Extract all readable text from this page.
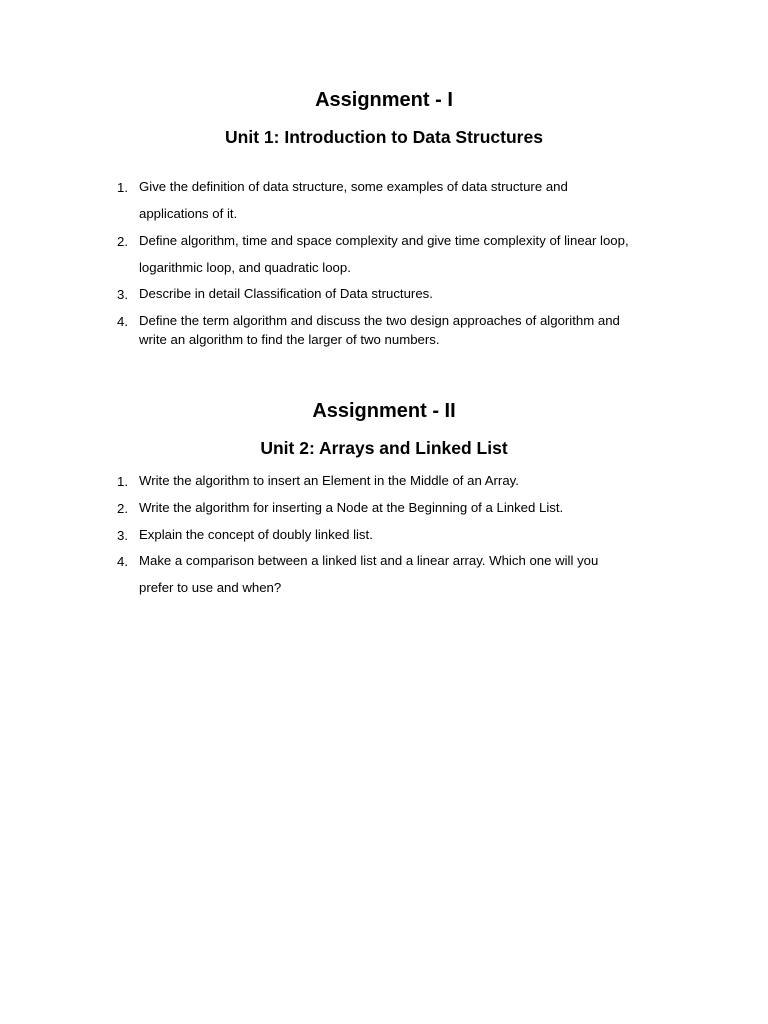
Assignment - I
Unit 1: Introduction to Data Structures
1. Give the definition of data structure, some examples of data structure and
applications of it.
2. Define algorithm, time and space complexity and give time complexity of linear loop,
logarithmic loop, and quadratic loop.
3. Describe in detail Classification of Data structures.
4. Define the term algorithm and discuss the two design approaches of algorithm and
write an algorithm to find the larger of two numbers.
Assignment - II
Unit 2: Arrays and Linked List
1. Write the algorithm to insert an Element in the Middle of an Array.
2. Write the algorithm for inserting a Node at the Beginning of a Linked List.
3. Explain the concept of doubly linked list.
4. Make a comparison between a linked list and a linear array. Which one will you
prefer to use and when?
